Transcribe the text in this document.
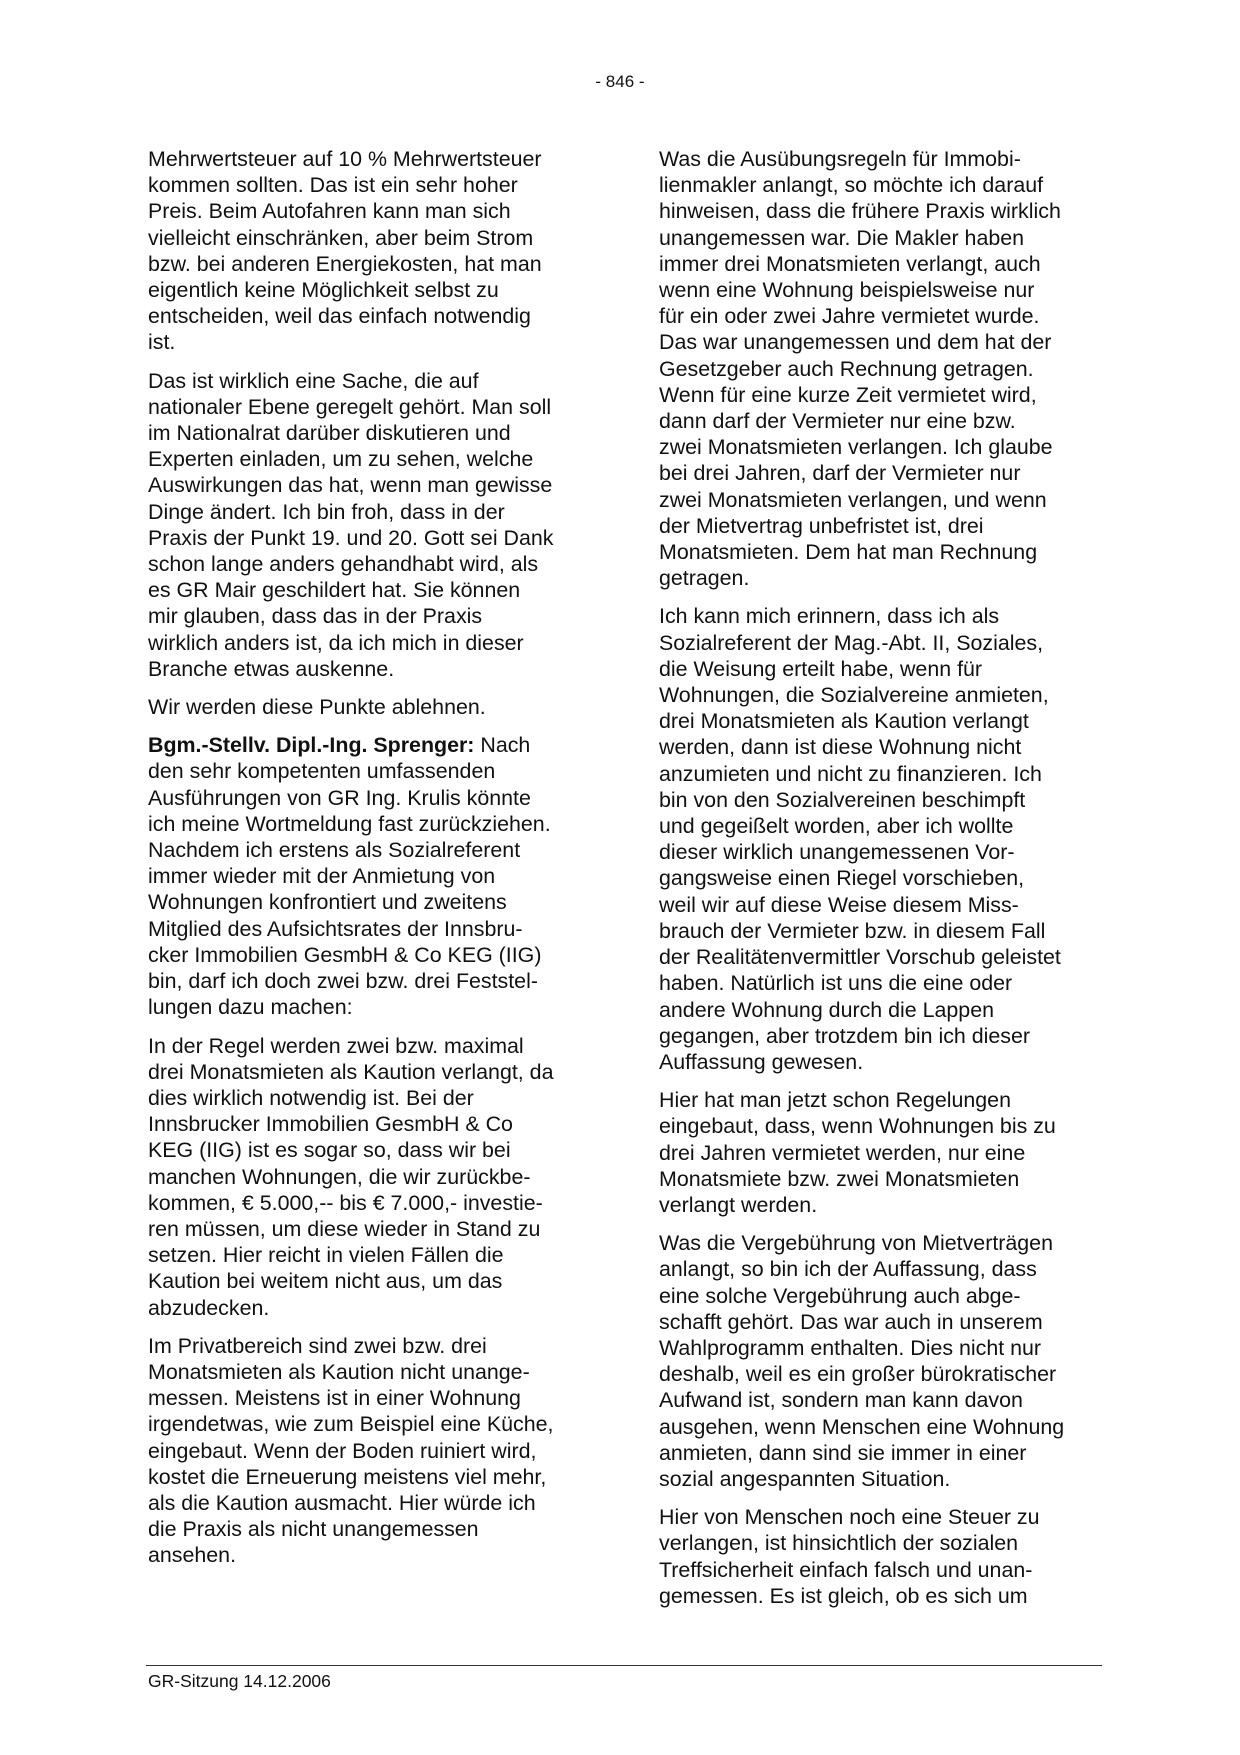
- 846 -

Mehrwertsteuer auf 10 % Mehrwertsteuer
kommen sollten. Das ist ein sehr hoher
Preis. Beim Autofahren kann man sich
vielleicht einschränken, aber beim Strom
bzw. bei anderen Energiekosten, hat man
eigentlich keine Möglichkeit selbst zu
entscheiden, weil das einfach notwendig
ist.

Das ist wirklich eine Sache, die auf
nationaler Ebene geregelt gehört. Man soll
im Nationalrat darüber diskutieren und
Experten einladen, um zu sehen, welche
Auswirkungen das hat, wenn man gewisse
Dinge ändert. Ich bin froh, dass in der
Praxis der Punkt 19. und 20. Gott sei Dank
schon lange anders gehandhabt wird, als
es GR Mair geschildert hat. Sie können
mir glauben, dass das in der Praxis
wirklich anders ist, da ich mich in dieser
Branche etwas auskenne.

Wir werden diese Punkte ablehnen.

Bgm.-Stellv. Dipl.-Ing. Sprenger: Nach
den sehr kompetenten umfassenden
Ausführungen von GR Ing. Krulis könnte
ich meine Wortmeldung fast zurückziehen.
Nachdem ich erstens als Sozialreferent
immer wieder mit der Anmietung von
Wohnungen konfrontiert und zweitens
Mitglied des Aufsichtsrates der Innsbru-
cker Immobilien GesmbH & Co KEG (IIG)
bin, darf ich doch zwei bzw. drei Feststel-
lungen dazu machen:

In der Regel werden zwei bzw. maximal
drei Monatsmieten als Kaution verlangt, da
dies wirklich notwendig ist. Bei der
Innsbrucker Immobilien GesmbH & Co
KEG (IIG) ist es sogar so, dass wir bei
manchen Wohnungen, die wir zurückbe-
kommen, € 5.000,-- bis € 7.000,- investie-
ren müssen, um diese wieder in Stand zu
setzen. Hier reicht in vielen Fällen die
Kaution bei weitem nicht aus, um das
abzudecken.

Im Privatbereich sind zwei bzw. drei
Monatsmieten als Kaution nicht unange-
messen. Meistens ist in einer Wohnung
irgendetwas, wie zum Beispiel eine Küche,
eingebaut. Wenn der Boden ruiniert wird,
kostet die Erneuerung meistens viel mehr,
als die Kaution ausmacht. Hier würde ich
die Praxis als nicht unangemessen
ansehen.

Was die Ausübungsregeln für Immobi-
lienmakler anlangt, so möchte ich darauf
hinweisen, dass die frühere Praxis wirklich
unangemessen war. Die Makler haben
immer drei Monatsmieten verlangt, auch
wenn eine Wohnung beispielsweise nur
für ein oder zwei Jahre vermietet wurde.
Das war unangemessen und dem hat der
Gesetzgeber auch Rechnung getragen.
Wenn für eine kurze Zeit vermietet wird,
dann darf der Vermieter nur eine bzw.
zwei Monatsmieten verlangen. Ich glaube
bei drei Jahren, darf der Vermieter nur
zwei Monatsmieten verlangen, und wenn
der Mietvertrag unbefristet ist, drei
Monatsmieten. Dem hat man Rechnung
getragen.

Ich kann mich erinnern, dass ich als
Sozialreferent der Mag.-Abt. II, Soziales,
die Weisung erteilt habe, wenn für
Wohnungen, die Sozialvereine anmieten,
drei Monatsmieten als Kaution verlangt
werden, dann ist diese Wohnung nicht
anzumieten und nicht zu finanzieren. Ich
bin von den Sozialvereinen beschimpft
und gegeißelt worden, aber ich wollte
dieser wirklich unangemessenen Vor-
gangsweise einen Riegel vorschieben,
weil wir auf diese Weise diesem Miss-
brauch der Vermieter bzw. in diesem Fall
der Realitätenvermittler Vorschub geleistet
haben. Natürlich ist uns die eine oder
andere Wohnung durch die Lappen
gegangen, aber trotzdem bin ich dieser
Auffassung gewesen.

Hier hat man jetzt schon Regelungen
eingebaut, dass, wenn Wohnungen bis zu
drei Jahren vermietet werden, nur eine
Monatsmiete bzw. zwei Monatsmieten
verlangt werden.

Was die Vergebührung von Mietverträgen
anlangt, so bin ich der Auffassung, dass
eine solche Vergebührung auch abge-
schafft gehört. Das war auch in unserem
Wahlprogramm enthalten. Dies nicht nur
deshalb, weil es ein großer bürokratischer
Aufwand ist, sondern man kann davon
ausgehen, wenn Menschen eine Wohnung
anmieten, dann sind sie immer in einer
sozial angespannten Situation.

Hier von Menschen noch eine Steuer zu
verlangen, ist hinsichtlich der sozialen
Treffsicherheit einfach falsch und unan-
gemessen. Es ist gleich, ob es sich um

GR-Sitzung 14.12.2006
